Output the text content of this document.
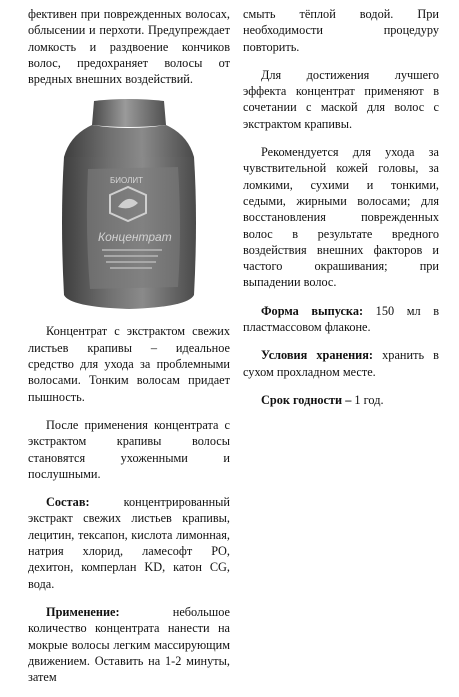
фективен при поврежденных волосах, облысении и перхоти. Предупреждает ломкость и раздвоение кончиков волос, предохраняет волосы от вредных внешних воздействий.

БИОЛИТ
Концентрат

Концентрат с экстрактом свежих листьев крапивы – идеальное средство для ухода за проблемными волосами. Тонким волосам придает пышность.

После применения концентрата с экстрактом крапивы волосы становятся ухоженными и послушными.

Состав: концентрированный экстракт свежих листьев крапивы, лецитин, тексапон, кислота лимонная, натрия хлорид, ламесофт PO, дехитон, комперлан KD, катон CG, вода.

Применение: небольшое количество концентрата нанести на мокрые волосы легким массирующим движением. Оставить на 1-2 минуты, затем

смыть тёплой водой. При необходимости процедуру повторить.

Для достижения лучшего эффекта концентрат применяют в сочетании с маской для волос с экстрактом крапивы.

Рекомендуется для ухода за чувствительной кожей головы, за ломкими, сухими и тонкими, седыми, жирными волосами; для восстановления поврежденных волос в результате вредного воздействия внешних факторов и частого окрашивания; при выпадении волос.

Форма выпуска: 150 мл в пластмассовом флаконе.

Условия хранения: хранить в сухом прохладном месте.

Срок годности – 1 год.
